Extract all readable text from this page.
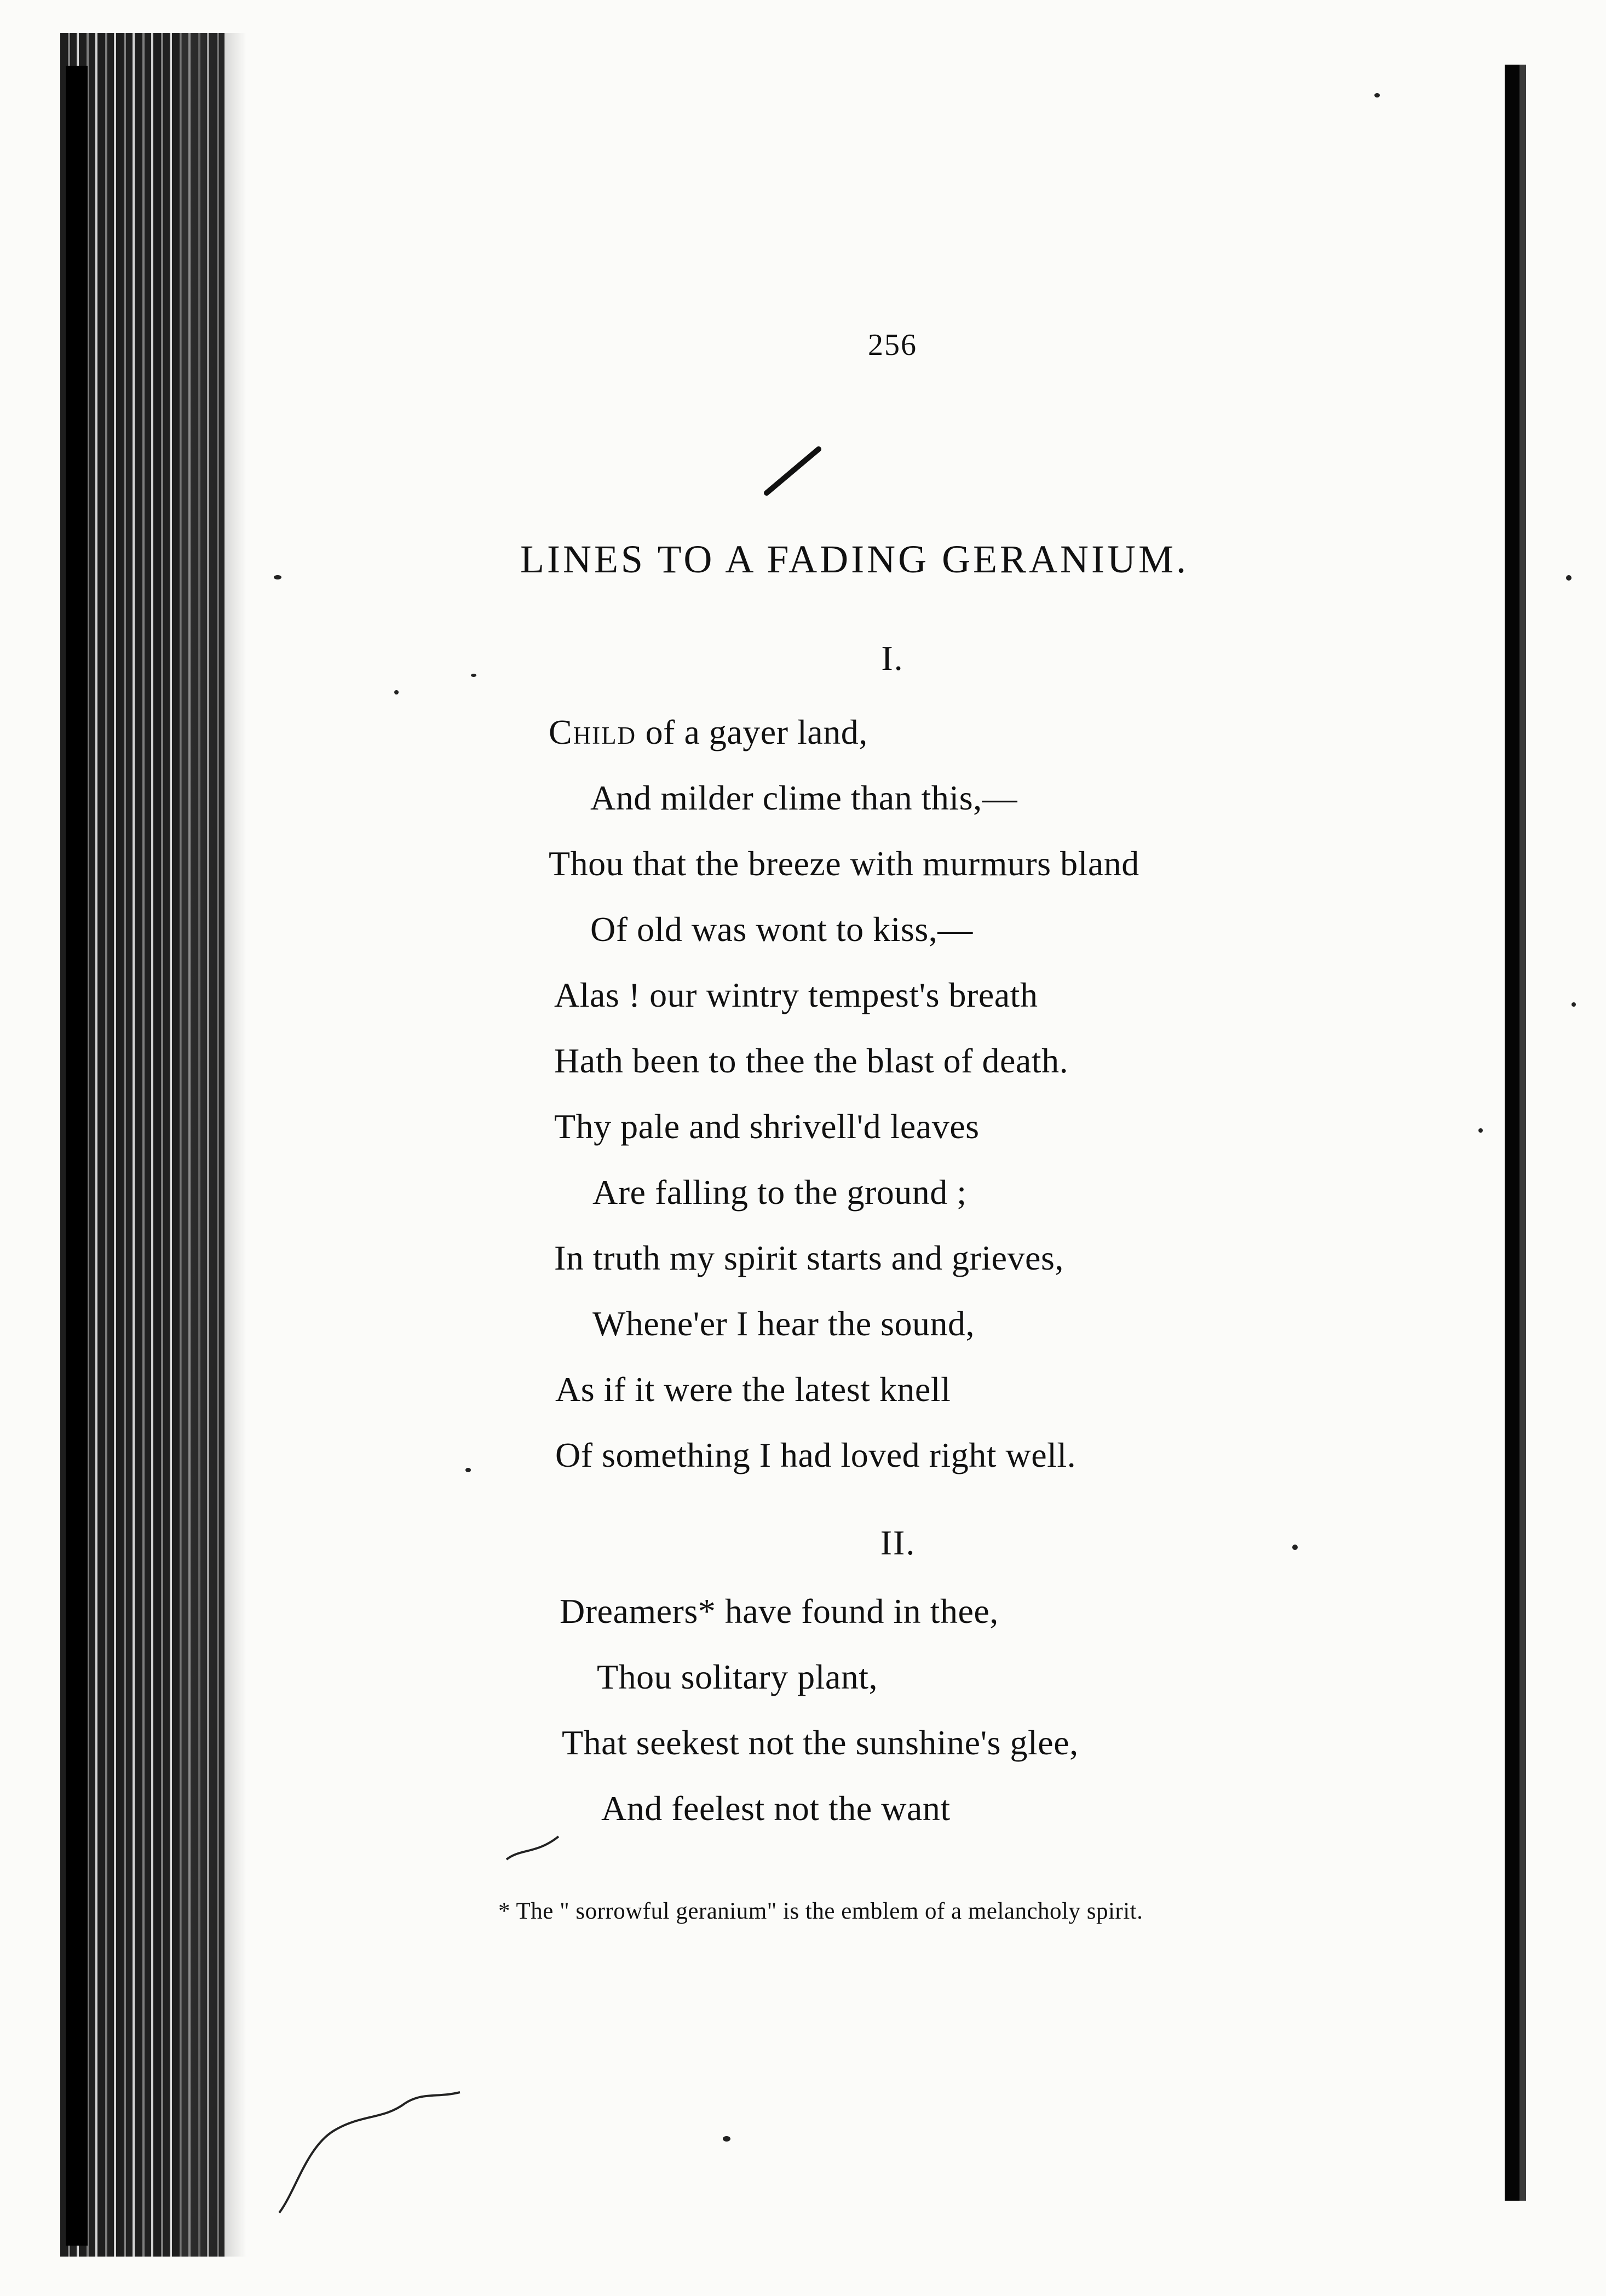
256
LINES TO A FADING GERANIUM.
I.
Child of a gayer land,
And milder clime than this,—
Thou that the breeze with murmurs bland
Of old was wont to kiss,—
Alas ! our wintry tempest's breath
Hath been to thee the blast of death.
Thy pale and shrivell'd leaves
Are falling to the ground ;
In truth my spirit starts and grieves,
Whene'er I hear the sound,
As if it were the latest knell
Of something I had loved right well.
II.
Dreamers* have found in thee,
Thou solitary plant,
That seekest not the sunshine's glee,
And feelest not the want
* The " sorrowful geranium" is the emblem of a melancholy spirit.
